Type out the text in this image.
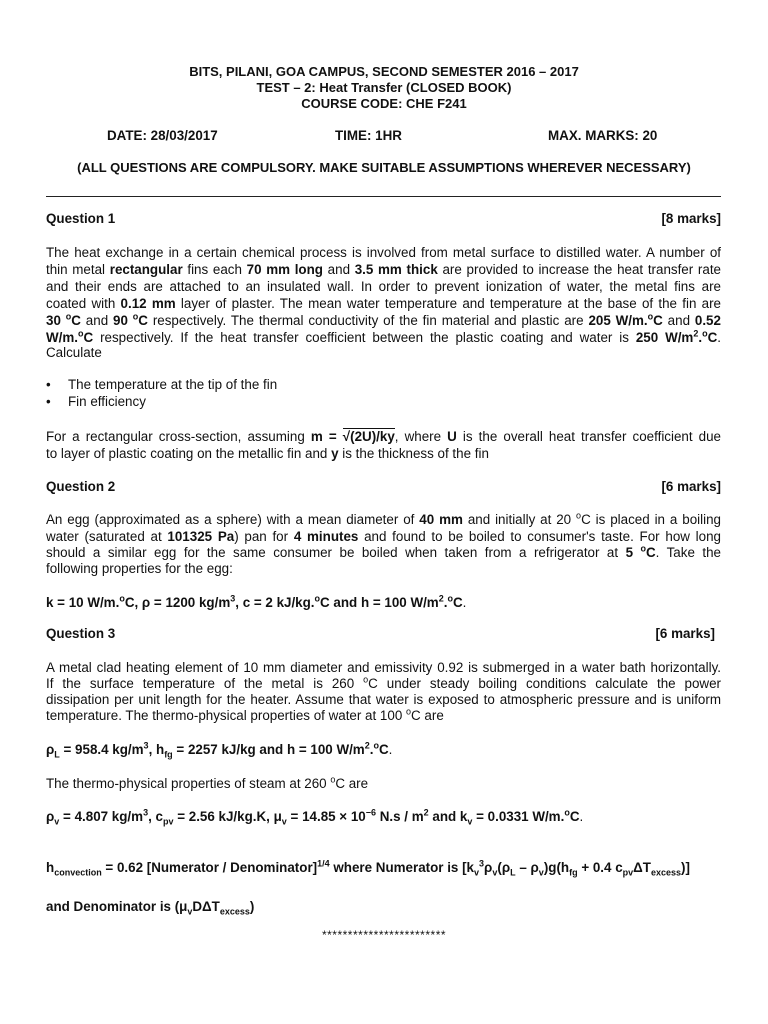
BITS, PILANI, GOA CAMPUS, SECOND SEMESTER 2016 – 2017
TEST – 2: Heat Transfer (CLOSED BOOK)
COURSE CODE: CHE F241
DATE: 28/03/2017	TIME: 1HR	MAX. MARKS: 20
(ALL QUESTIONS ARE COMPULSORY. MAKE SUITABLE ASSUMPTIONS WHEREVER NECESSARY)
Question 1	[8 marks]
The heat exchange in a certain chemical process is involved from metal surface to distilled water. A number of
thin metal rectangular fins each 70 mm long and 3.5 mm thick are provided to increase the heat transfer rate
and their ends are attached to an insulated wall. In order to prevent ionization of water, the metal fins are
coated with 0.12 mm layer of plaster. The mean water temperature and temperature at the base of the fin are
30 $^o$C and 90 $^o$C respectively. The thermal conductivity of the fin material and plastic are 205 W/m.$^o$C and 0.52
W/m.$^o$C respectively. If the heat transfer coefficient between the plastic coating and water is 250 $W/m^2.^oC$.
Calculate
• The temperature at the tip of the fin
• Fin efficiency
For a rectangular cross-section, assuming m = √(2U)/ky, where U is the overall heat transfer coefficient due
to layer of plastic coating on the metallic fin and y is the thickness of the fin
Question 2	[6 marks]
An egg (approximated as a sphere) with a mean diameter of 40 mm and initially at 20 $^o$C is placed in a boiling
water (saturated at 101325 Pa) pan for 4 minutes and found to be boiled to consumer's taste. For how long
should a similar egg for the same consumer be boiled when taken from a refrigerator at 5 $^o$C. Take the
following properties for the egg:
k = 10 W/m.$^o$C, ρ = 1200 $kg/m^3$, c = 2 kJ/kg.$^o$C and h = 100 $W/m^2.^oC$.
Question 3	[6 marks]
A metal clad heating element of 10 mm diameter and emissivity 0.92 is submerged in a water bath horizontally.
If the surface temperature of the metal is 260 $^o$C under steady boiling conditions calculate the power
dissipation per unit length for the heater. Assume that water is exposed to atmospheric pressure and is uniform
temperature. The thermo-physical properties of water at 100 $^o$C are
$\rho_L = 958.4$ $kg/m^3$, $h_{fg} = 2257$ kJ/kg and h = 100 $W/m^2.^oC$.
The thermo-physical properties of steam at 260 $^o$C are
$\rho_v = 4.807$ $kg/m^3$, $c_{pv} = 2.56$ kJ/kg.K, $\mu_v = 14.85 \times 10^{-6}$ $N.s / m^2$ and $k_v = 0.0331$ W/m.$^o$C.
$h_{convection} = 0.62$ [Numerator / Denominator]$^{1/4}$ where Numerator is [$k_v^3\rho_v(\rho_L - \rho_v)g(h_{fg} + 0.4$ $c_{pv}\Delta T_{excess}$)]
and Denominator is $(\mu_vD\Delta T_{excess})$
************************
